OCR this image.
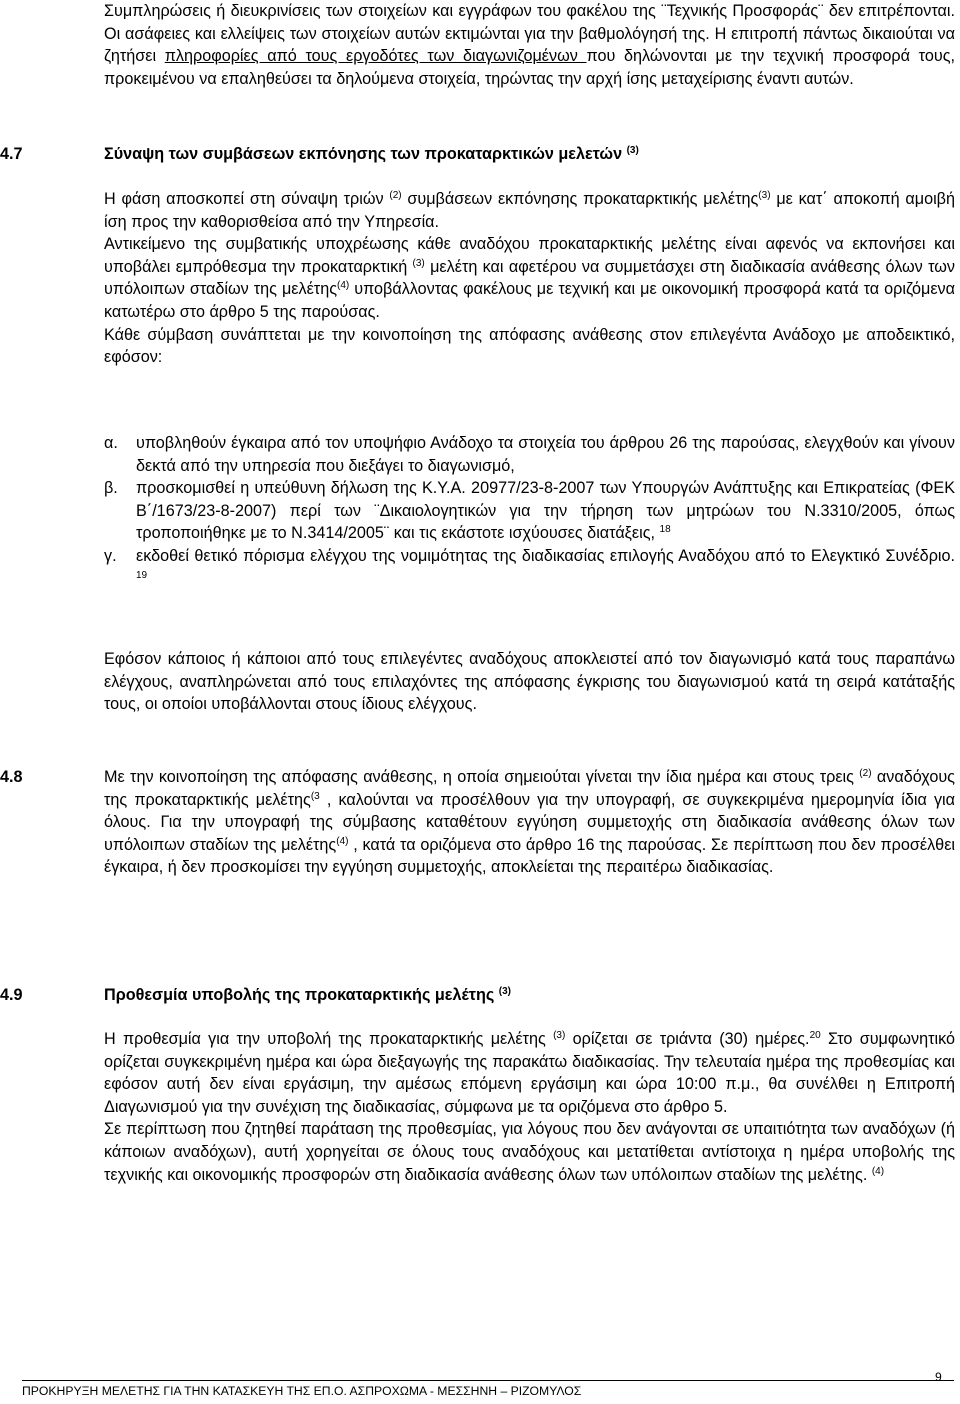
Συμπληρώσεις ή διευκρινίσεις των στοιχείων και εγγράφων του φακέλου της ¨Τεχνικής Προσφοράς¨ δεν επιτρέπονται. Οι ασάφειες και ελλείψεις των στοιχείων αυτών εκτιμώνται για την βαθμολόγησή της. Η επιτροπή πάντως δικαιούται να ζητήσει πληροφορίες από τους εργοδότες των διαγωνιζομένων που δηλώνονται με την τεχνική προσφορά τους, προκειμένου να επαληθεύσει τα δηλούμενα στοιχεία, τηρώντας την αρχή ίσης μεταχείρισης έναντι αυτών.

4.7	Σύναψη των συμβάσεων εκπόνησης των προκαταρκτικών μελετών $^{(3)}$

Η φάση αποσκοπεί στη σύναψη τριών $^{(2)}$ συμβάσεων εκπόνησης προκαταρκτικής μελέτης$^{(3)}$ με κατ΄ αποκοπή αμοιβή ίση προς την καθορισθείσα από την Υπηρεσία.

Αντικείμενο της συμβατικής υποχρέωσης κάθε αναδόχου προκαταρκτικής μελέτης είναι αφενός να εκπονήσει και υποβάλει εμπρόθεσμα την προκαταρκτική $^{(3)}$ μελέτη και αφετέρου να συμμετάσχει στη διαδικασία ανάθεσης όλων των υπόλοιπων σταδίων της μελέτης$^{(4)}$ υποβάλλοντας φακέλους με τεχνική και με οικονομική προσφορά κατά τα οριζόμενα κατωτέρω στο άρθρο 5 της παρούσας.

Κάθε σύμβαση συνάπτεται με την κοινοποίηση της απόφασης ανάθεσης στον επιλεγέντα Ανάδοχο με αποδεικτικό, εφόσον:

α. υποβληθούν έγκαιρα από τον υποψήφιο Ανάδοχο τα στοιχεία του άρθρου 26 της παρούσας, ελεγχθούν και γίνουν δεκτά από την υπηρεσία που διεξάγει το διαγωνισμό,
β. προσκομισθεί η υπεύθυνη δήλωση της Κ.Υ.Α. 20977/23-8-2007 των Υπουργών Ανάπτυξης και Επικρατείας (ΦΕΚ Β΄/1673/23-8-2007) περί των ¨Δικαιολογητικών για την τήρηση των μητρώων του Ν.3310/2005, όπως τροποποιήθηκε με το Ν.3414/2005¨ και τις εκάστοτε ισχύουσες διατάξεις, $^{18}$
γ. εκδοθεί θετικό πόρισμα ελέγχου της νομιμότητας της διαδικασίας επιλογής Αναδόχου από το Ελεγκτικό Συνέδριο. $^{19}$

Εφόσον κάποιος ή κάποιοι από τους επιλεγέντες αναδόχους αποκλειστεί από τον διαγωνισμό κατά τους παραπάνω ελέγχους, αναπληρώνεται από τους επιλαχόντες της απόφασης έγκρισης του διαγωνισμού κατά τη σειρά κατάταξής τους, οι οποίοι υποβάλλονται στους ίδιους ελέγχους.

4.8	Με την κοινοποίηση της απόφασης ανάθεσης, η οποία σημειούται γίνεται την ίδια ημέρα και στους τρεις $^{(2)}$ αναδόχους της προκαταρκτικής μελέτης$^{(3}$ , καλούνται να προσέλθουν για την υπογραφή, σε συγκεκριμένα ημερομηνία ίδια για όλους. Για την υπογραφή της σύμβασης καταθέτουν εγγύηση συμμετοχής στη διαδικασία ανάθεσης όλων των υπόλοιπων σταδίων της μελέτης$^{(4)}$ , κατά τα οριζόμενα στο άρθρο 16 της παρούσας. Σε περίπτωση που δεν προσέλθει έγκαιρα, ή δεν προσκομίσει την εγγύηση συμμετοχής, αποκλείεται της περαιτέρω διαδικασίας.

4.9	Προθεσμία υποβολής της προκαταρκτικής μελέτης $^{(3)}$

Η προθεσμία για την υποβολή της προκαταρκτικής μελέτης $^{(3)}$ ορίζεται σε τριάντα (30) ημέρες.$^{20}$ Στο συμφωνητικό ορίζεται συγκεκριμένη ημέρα και ώρα διεξαγωγής της παρακάτω διαδικασίας. Την τελευταία ημέρα της προθεσμίας και εφόσον αυτή δεν είναι εργάσιμη, την αμέσως επόμενη εργάσιμη και ώρα 10:00 π.μ., θα συνέλθει η Επιτροπή Διαγωνισμού για την συνέχιση της διαδικασίας, σύμφωνα με τα οριζόμενα στο άρθρο 5.

Σε περίπτωση που ζητηθεί παράταση της προθεσμίας, για λόγους που δεν ανάγονται σε υπαιτιότητα των αναδόχων (ή κάποιων αναδόχων), αυτή χορηγείται σε όλους τους αναδόχους και μετατίθεται αντίστοιχα η ημέρα υποβολής της τεχνικής και οικονομικής προσφορών στη διαδικασία ανάθεσης όλων των υπόλοιπων σταδίων της μελέτης. $^{(4)}$

9
ΠΡΟΚΗΡΥΞΗ ΜΕΛΕΤΗΣ ΓΙΑ ΤΗΝ ΚΑΤΑΣΚΕΥΗ ΤΗΣ ΕΠ.Ο. ΑΣΠΡΟΧΩΜΑ - ΜΕΣΣΗΝΗ – ΡΙΖΟΜΥΛΟΣ
